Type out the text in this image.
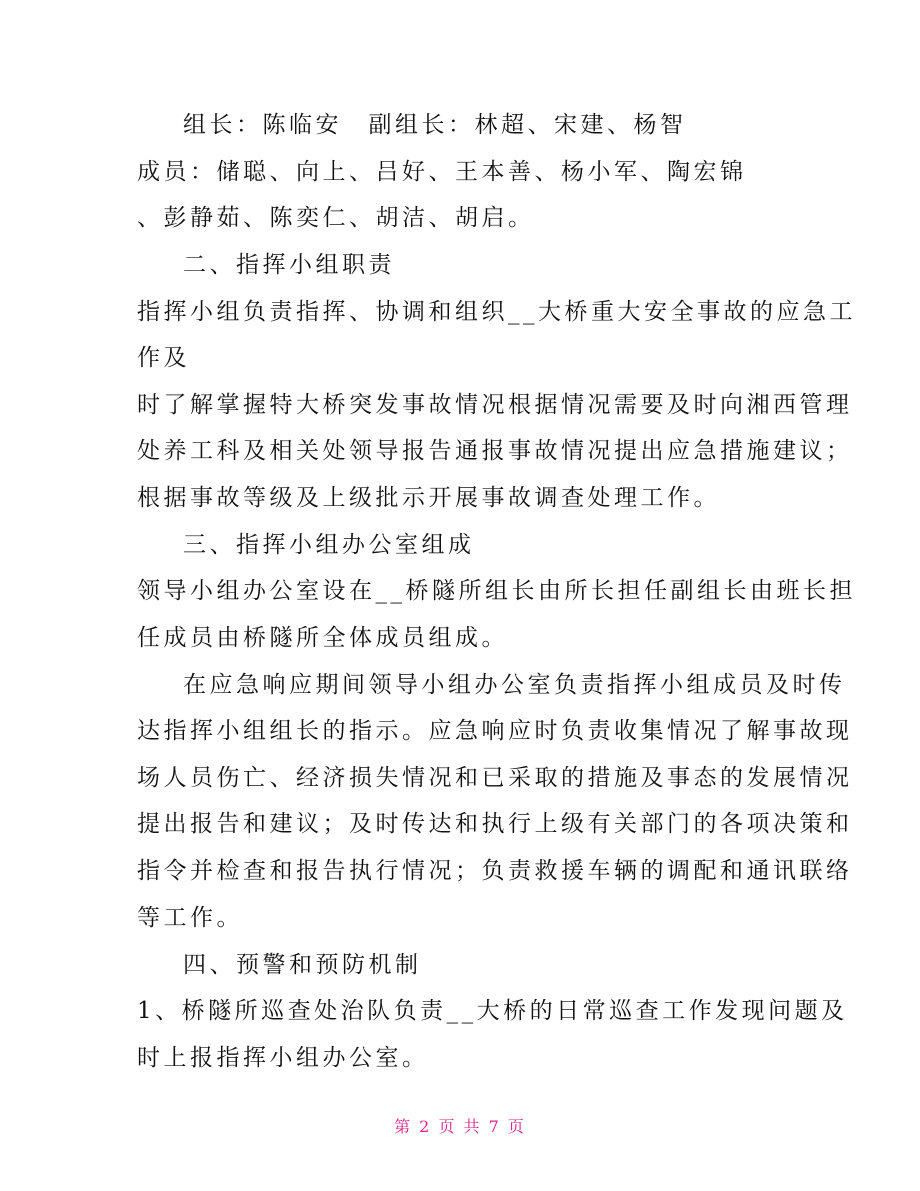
组长：陈临安　副组长：林超、宋建、杨智
成员：储聪、向上、吕好、王本善、杨小军、陶宏锦
、彭静茹、陈奕仁、胡洁、胡启。
二、指挥小组职责
指挥小组负责指挥、协调和组织__大桥重大安全事故的应急工
作及
时了解掌握特大桥突发事故情况根据情况需要及时向湘西管理
处养工科及相关处领导报告通报事故情况提出应急措施建议；
根据事故等级及上级批示开展事故调查处理工作。
三、指挥小组办公室组成
领导小组办公室设在__桥隧所组长由所长担任副组长由班长担
任成员由桥隧所全体成员组成。
在应急响应期间领导小组办公室负责指挥小组成员及时传
达指挥小组组长的指示。应急响应时负责收集情况了解事故现
场人员伤亡、经济损失情况和已采取的措施及事态的发展情况
提出报告和建议；及时传达和执行上级有关部门的各项决策和
指令并检查和报告执行情况；负责救援车辆的调配和通讯联络
等工作。
四、预警和预防机制
1、桥隧所巡查处治队负责__大桥的日常巡查工作发现问题及
时上报指挥小组办公室。
第 2 页 共 7 页
